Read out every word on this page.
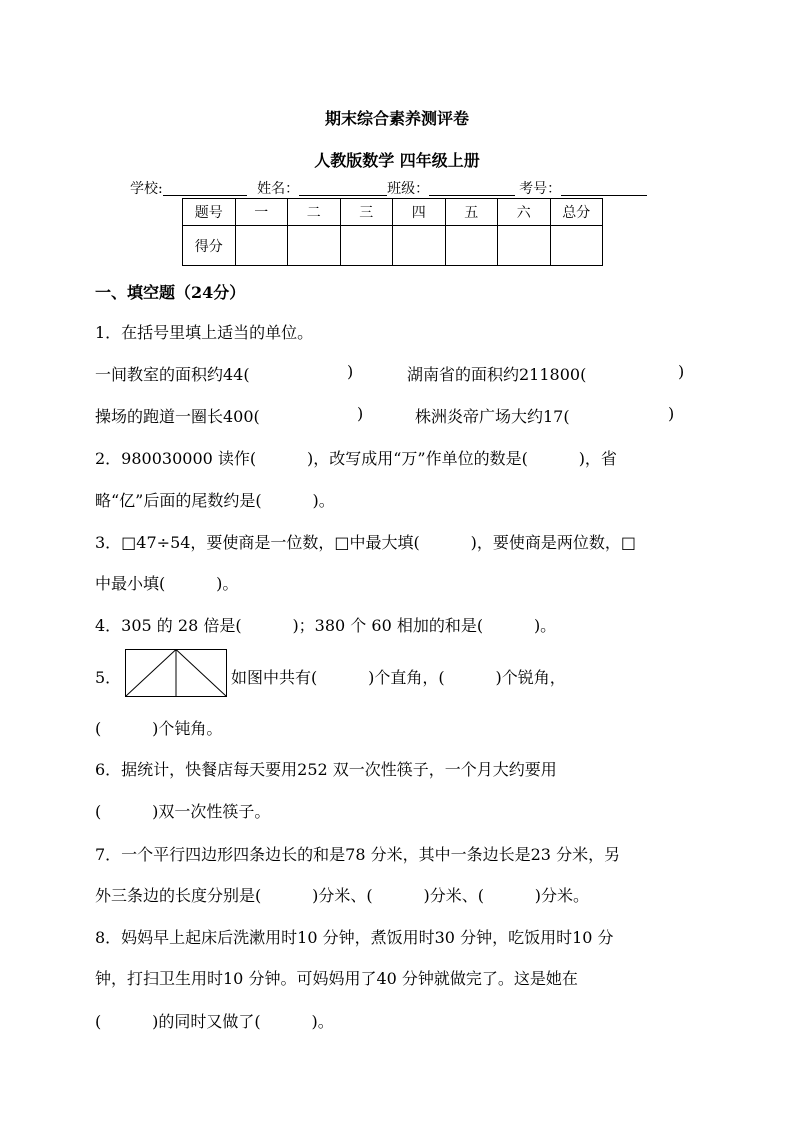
期末综合素养测评卷
人教版数学 四年级上册
学校:	姓名：	班级：	考号：
题号	一	二	三	四	五	六	总分
得分							
一、填空题（24分）
1．在括号里填上适当的单位。
一间教室的面积约44(	)	湖南省的面积约211800(	)
操场的跑道一圈长400(	)	株洲炎帝广场大约17(	)
2．980030000 读作(          )，改写成用“万”作单位的数是(          )，省
略“亿”后面的尾数约是(          )。
3．□47÷54，要使商是一位数，□中最大填(          )，要使商是两位数，□
中最小填(          )。
4．305 的 28 倍是(          )；380 个 60 相加的和是(          )。
5．	如图中共有(          )个直角，(          )个锐角，
(          )个钝角。
6．据统计，快餐店每天要用252 双一次性筷子，一个月大约要用
(          )双一次性筷子。
7．一个平行四边形四条边长的和是78 分米，其中一条边长是23 分米，另
外三条边的长度分别是(          )分米、(          )分米、(          )分米。
8．妈妈早上起床后洗漱用时10 分钟，煮饭用时30 分钟，吃饭用时10 分
钟，打扫卫生用时10 分钟。可妈妈用了40 分钟就做完了。这是她在
(          )的同时又做了(          )。
